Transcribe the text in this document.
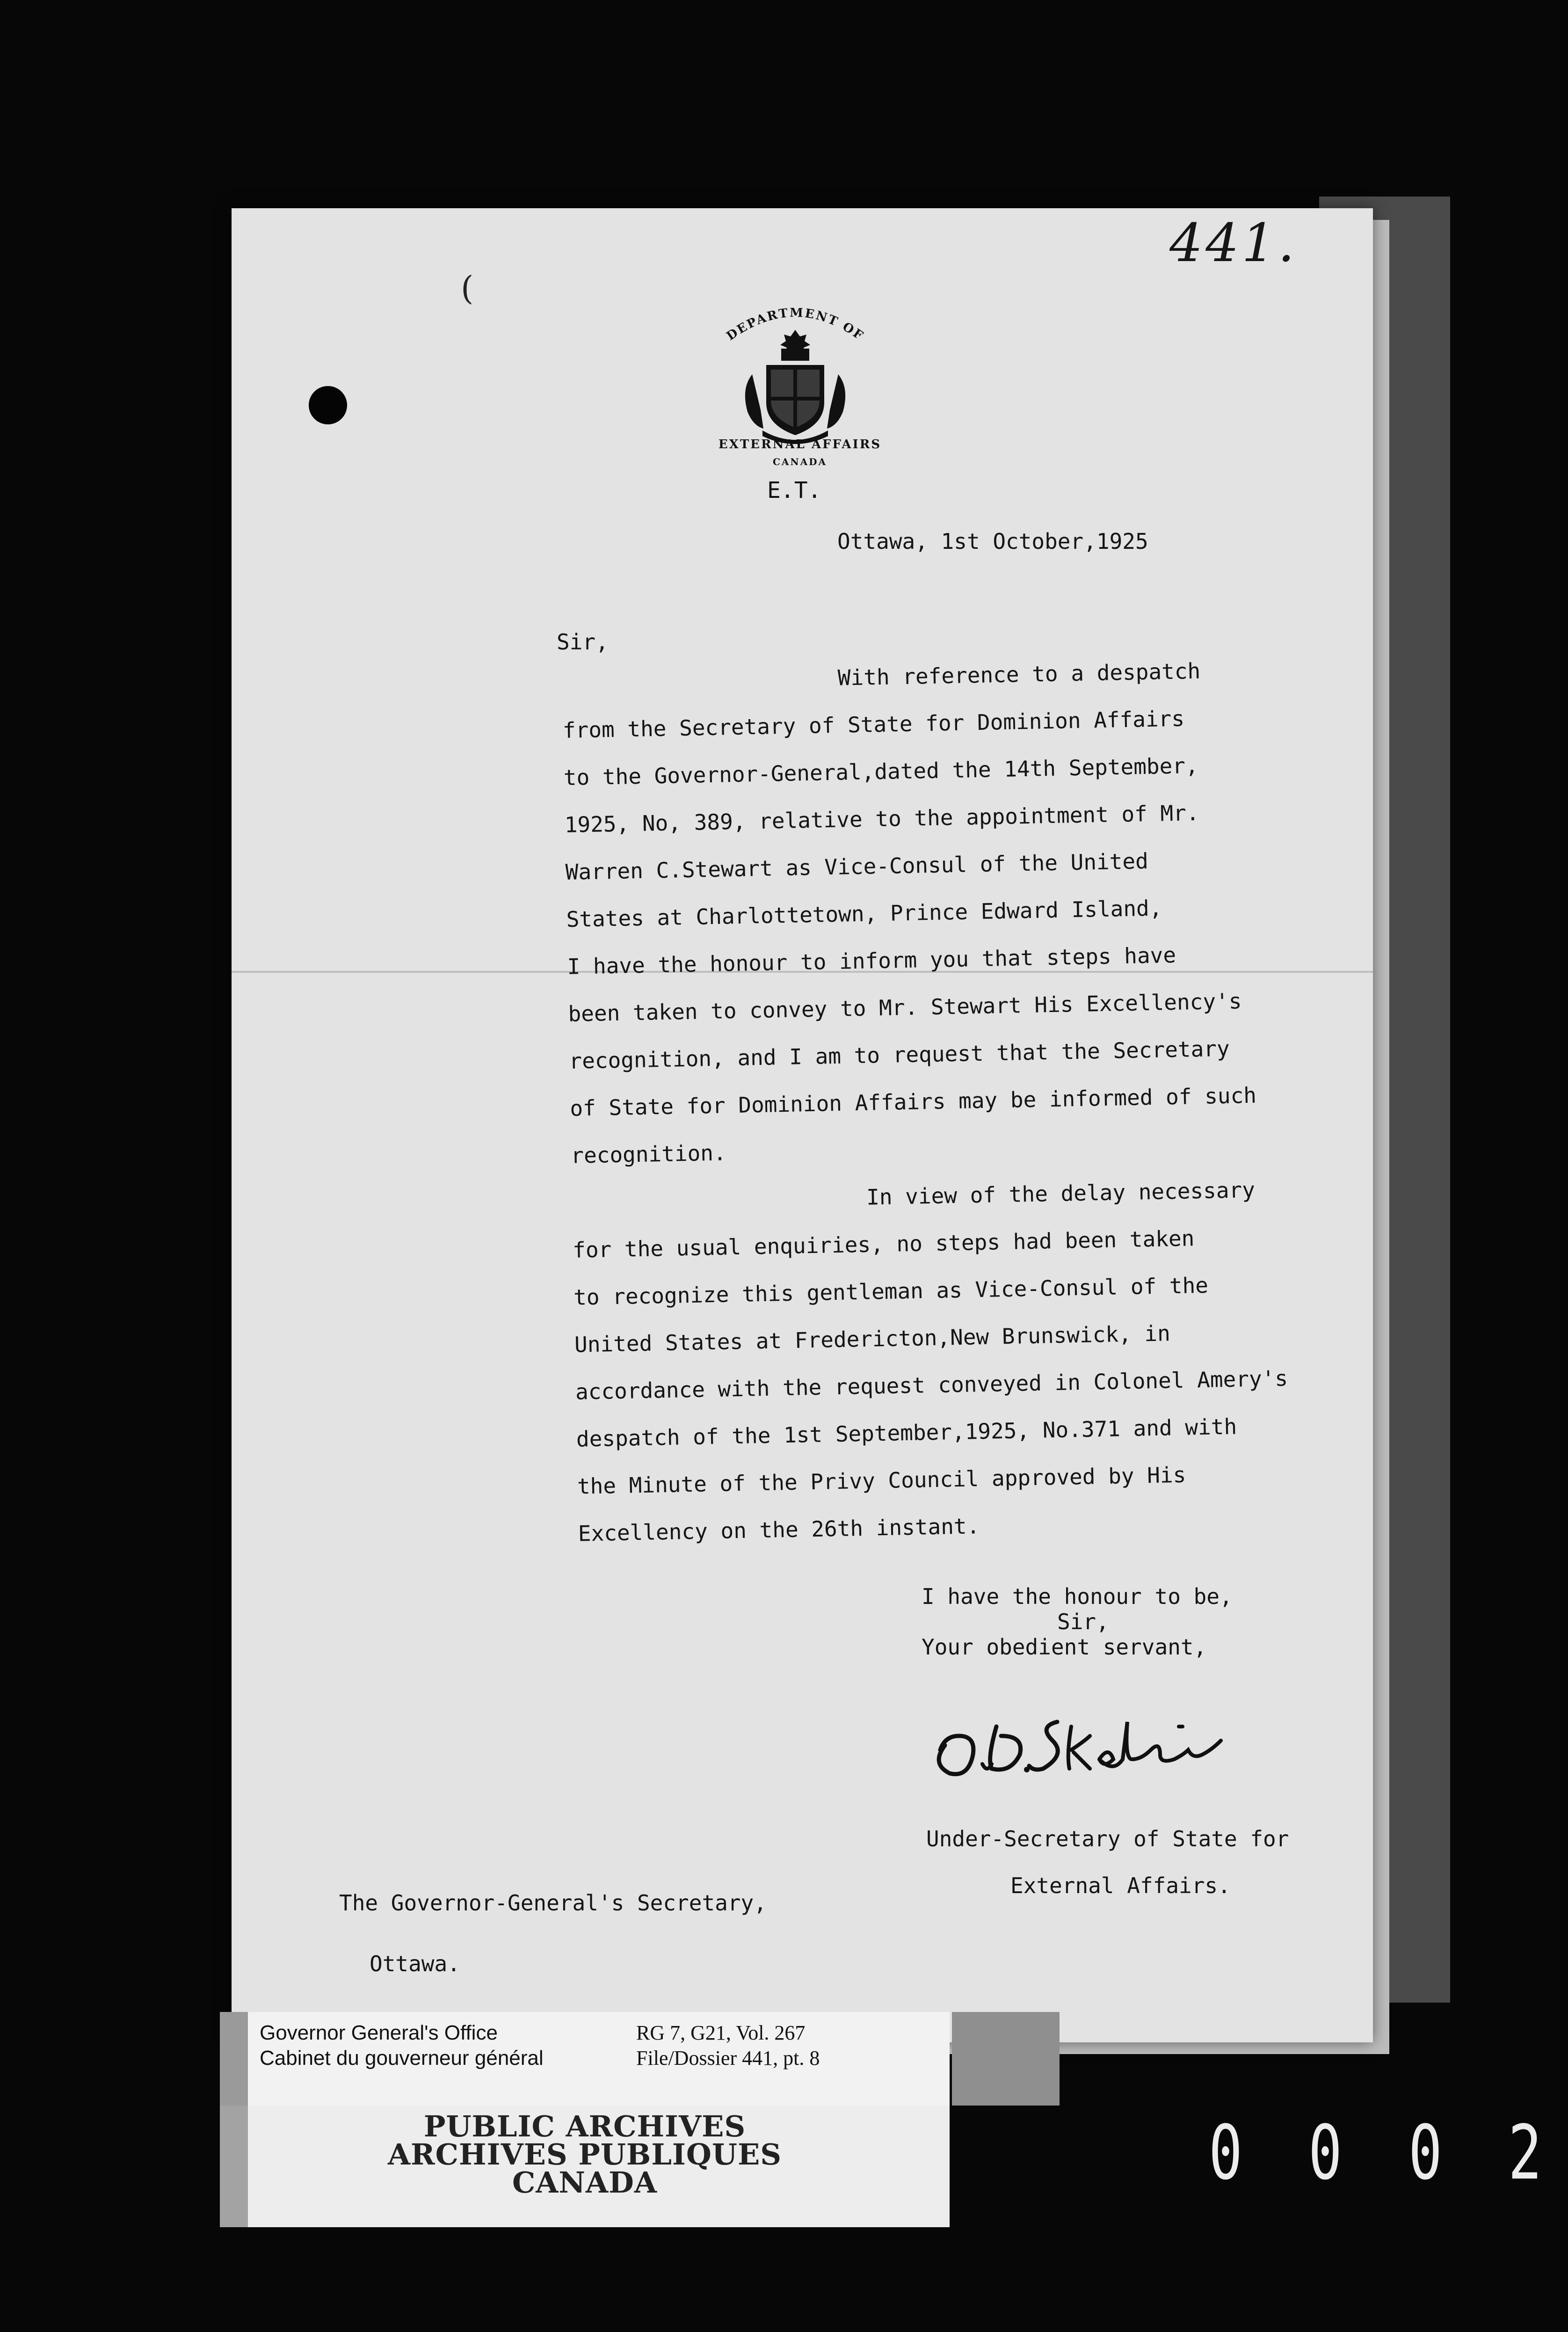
441.
(
DEPARTMENT OF
EXTERNAL AFFAIRS
CANADA
E.T.
Ottawa, 1st October,1925
Sir,
With reference to a despatch
from the Secretary of State for Dominion Affairs
to the Governor-General,dated the 14th September,
1925, No, 389, relative to the appointment of Mr.
Warren C.Stewart as Vice-Consul of the United
States at Charlottetown, Prince Edward Island,
I have the honour to inform you that steps have
been taken to convey to Mr. Stewart His Excellency's
recognition, and I am to request that the Secretary
of State for Dominion Affairs may be informed of such
recognition.
In view of the delay necessary
for the usual enquiries, no steps had been taken
to recognize this gentleman as Vice-Consul of the
United States at Fredericton,New Brunswick, in
accordance with the request conveyed in Colonel Amery's
despatch of the 1st September,1925, No.371 and with
the Minute of the Privy Council approved by His
Excellency on the 26th instant.
I have the honour to be,
Sir,
Your obedient servant,
Under-Secretary of State for
External Affairs.
The Governor-General's Secretary,
Ottawa.
Governor General's Office
Cabinet du gouverneur général
RG 7, G21, Vol. 267
File/Dossier 441, pt. 8
PUBLIC ARCHIVES
ARCHIVES PUBLIQUES
CANADA	0 0 0 2
